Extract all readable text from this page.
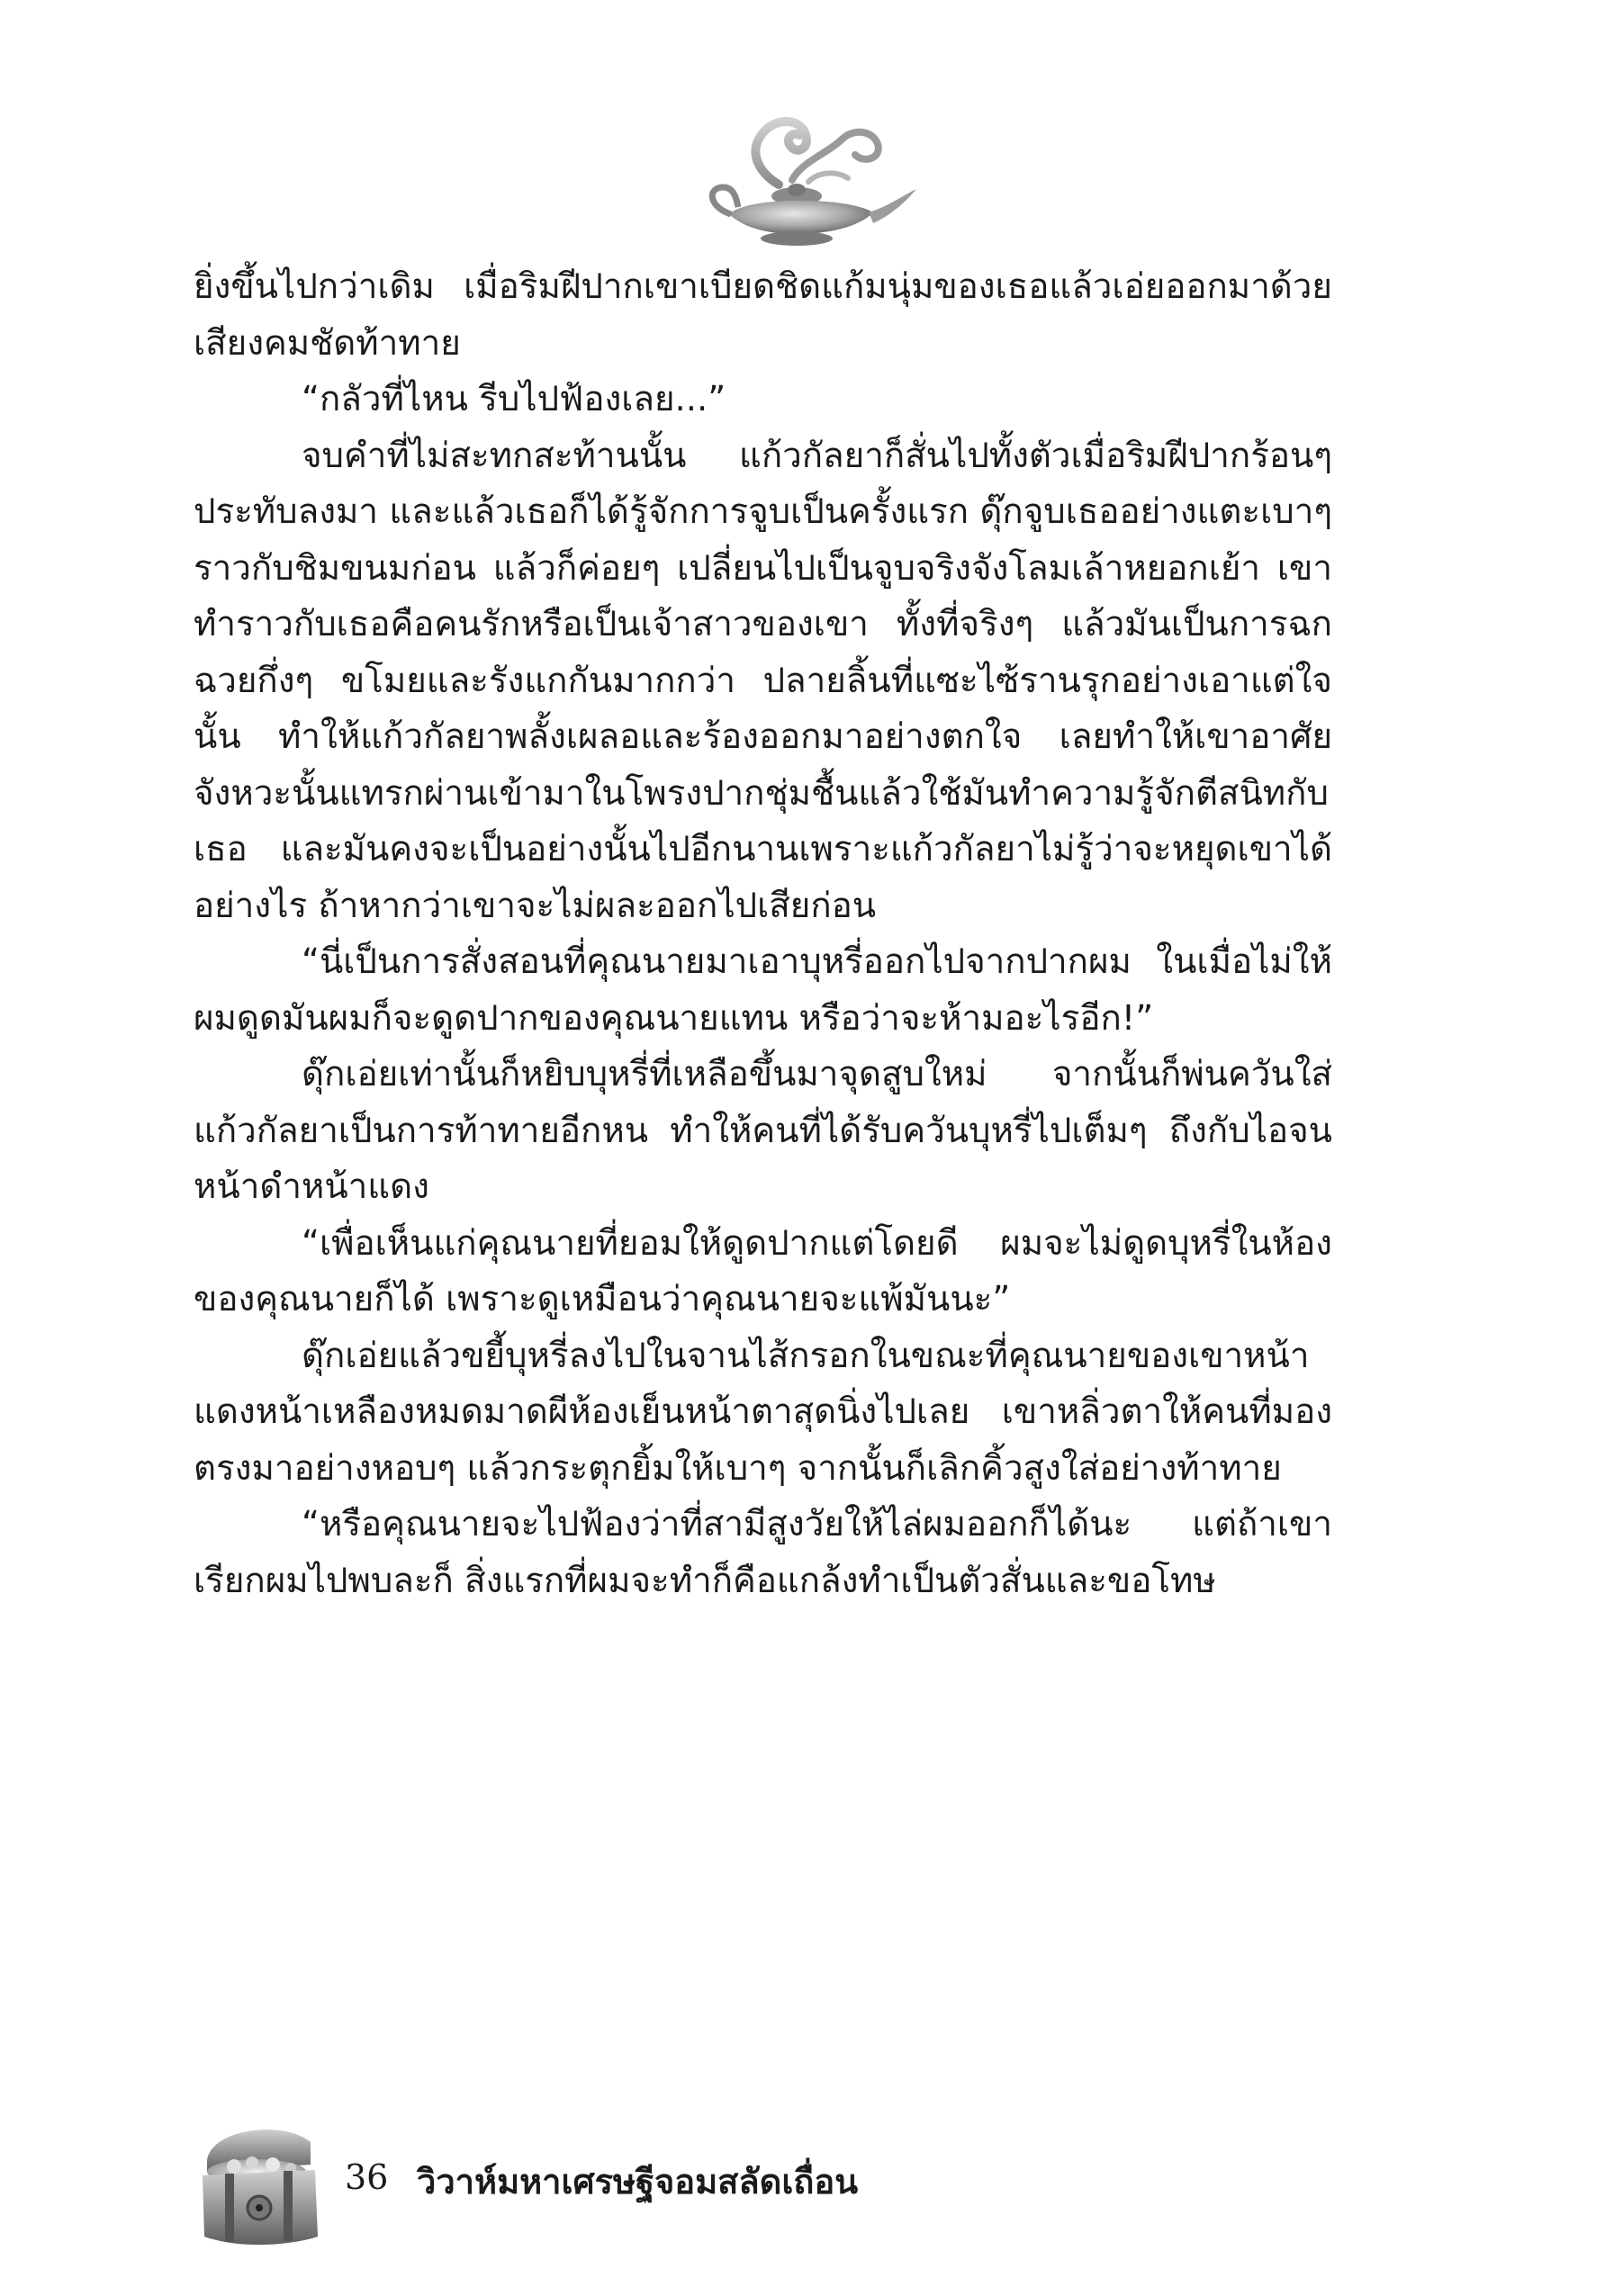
ยิ่งขึ้นไปกว่าเดิม เมื่อริมฝีปากเขาเบียดชิดแก้มนุ่มของเธอแล้วเอ่ยออกมาด้วยเสียงคมชัดท้าทาย

“กลัวที่ไหน รีบไปฟ้องเลย...”

จบคำที่ไม่สะทกสะท้านนั้น แก้วกัลยาก็สั่นไปทั้งตัวเมื่อริมฝีปากร้อนๆ ประทับลงมา และแล้วเธอก็ได้รู้จักการจูบเป็นครั้งแรก ดุ๊กจูบเธออย่างแตะเบาๆ ราวกับชิมขนมก่อน แล้วก็ค่อยๆ เปลี่ยนไปเป็นจูบจริงจังโลมเล้าหยอกเย้า เขาทำราวกับเธอคือคนรักหรือเป็นเจ้าสาวของเขา ทั้งที่จริงๆ แล้วมันเป็นการฉกฉวยกึ่งๆ ขโมยและรังแกกันมากกว่า ปลายลิ้นที่แซะไซ้รานรุกอย่างเอาแต่ใจนั้น ทำให้แก้วกัลยาพลั้งเผลอและร้องออกมาอย่างตกใจ เลยทำให้เขาอาศัยจังหวะนั้นแทรกผ่านเข้ามาในโพรงปากชุ่มชื้นแล้วใช้มันทำความรู้จักตีสนิทกับเธอ และมันคงจะเป็นอย่างนั้นไปอีกนานเพราะแก้วกัลยาไม่รู้ว่าจะหยุดเขาได้อย่างไร ถ้าหากว่าเขาจะไม่ผละออกไปเสียก่อน

“นี่เป็นการสั่งสอนที่คุณนายมาเอาบุหรี่ออกไปจากปากผม ในเมื่อไม่ให้ผมดูดมันผมก็จะดูดปากของคุณนายแทน หรือว่าจะห้ามอะไรอีก!”

ดุ๊กเอ่ยเท่านั้นก็หยิบบุหรี่ที่เหลือขึ้นมาจุดสูบใหม่ จากนั้นก็พ่นควันใส่แก้วกัลยาเป็นการท้าทายอีกหน ทำให้คนที่ได้รับควันบุหรี่ไปเต็มๆ ถึงกับไอจนหน้าดำหน้าแดง

“เพื่อเห็นแก่คุณนายที่ยอมให้ดูดปากแต่โดยดี ผมจะไม่ดูดบุหรี่ในห้องของคุณนายก็ได้ เพราะดูเหมือนว่าคุณนายจะแพ้มันนะ”

ดุ๊กเอ่ยแล้วขยี้บุหรี่ลงไปในจานไส้กรอกในขณะที่คุณนายของเขาหน้าแดงหน้าเหลืองหมดมาดผีห้องเย็นหน้าตาสุดนิ่งไปเลย เขาหลิ่วตาให้คนที่มองตรงมาอย่างหอบๆ แล้วกระตุกยิ้มให้เบาๆ จากนั้นก็เลิกคิ้วสูงใส่อย่างท้าทาย

“หรือคุณนายจะไปฟ้องว่าที่สามีสูงวัยให้ไล่ผมออกก็ได้นะ แต่ถ้าเขาเรียกผมไปพบละก็ สิ่งแรกที่ผมจะทำก็คือแกล้งทำเป็นตัวสั่นและขอโทษ

36 วิวาห์มหาเศรษฐีจอมสลัดเถื่อน
